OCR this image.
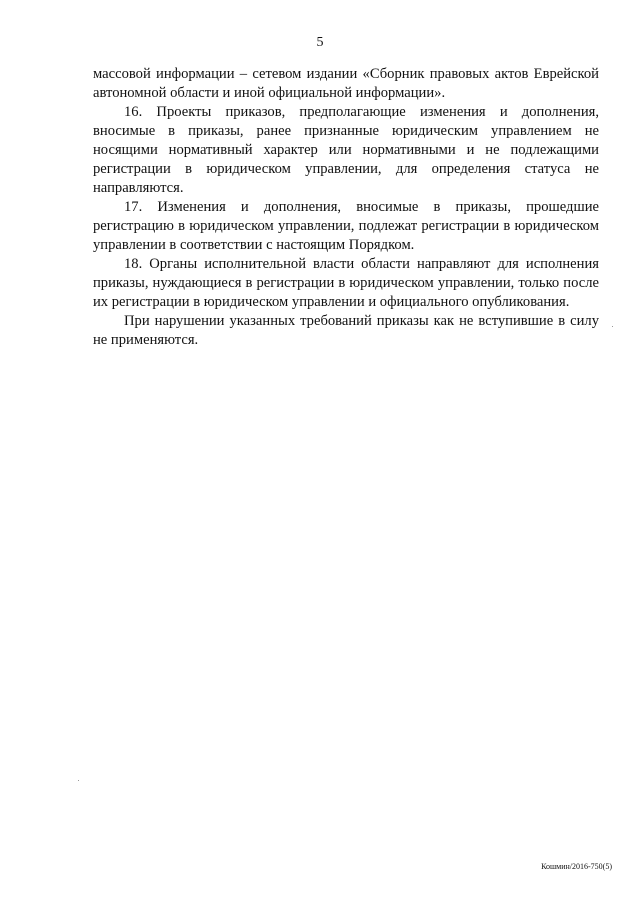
5

массовой информации – сетевом издании «Сборник правовых актов Еврейской автономной области и иной официальной информации».

16. Проекты приказов, предполагающие изменения и дополнения, вносимые в приказы, ранее признанные юридическим управлением не носящими нормативный характер или нормативными и не подлежащими регистрации в юридическом управлении, для определения статуса не направляются.

17. Изменения и дополнения, вносимые в приказы, прошедшие регистрацию в юридическом управлении, подлежат регистрации в юридическом управлении в соответствии с настоящим Порядком.

18. Органы исполнительной власти области направляют для исполнения приказы, нуждающиеся в регистрации в юридическом управлении, только после их регистрации в юридическом управлении и официального опубликования.

При нарушении указанных требований приказы как не вступившие в силу не применяются.

Кошмин/2016-750(5)
